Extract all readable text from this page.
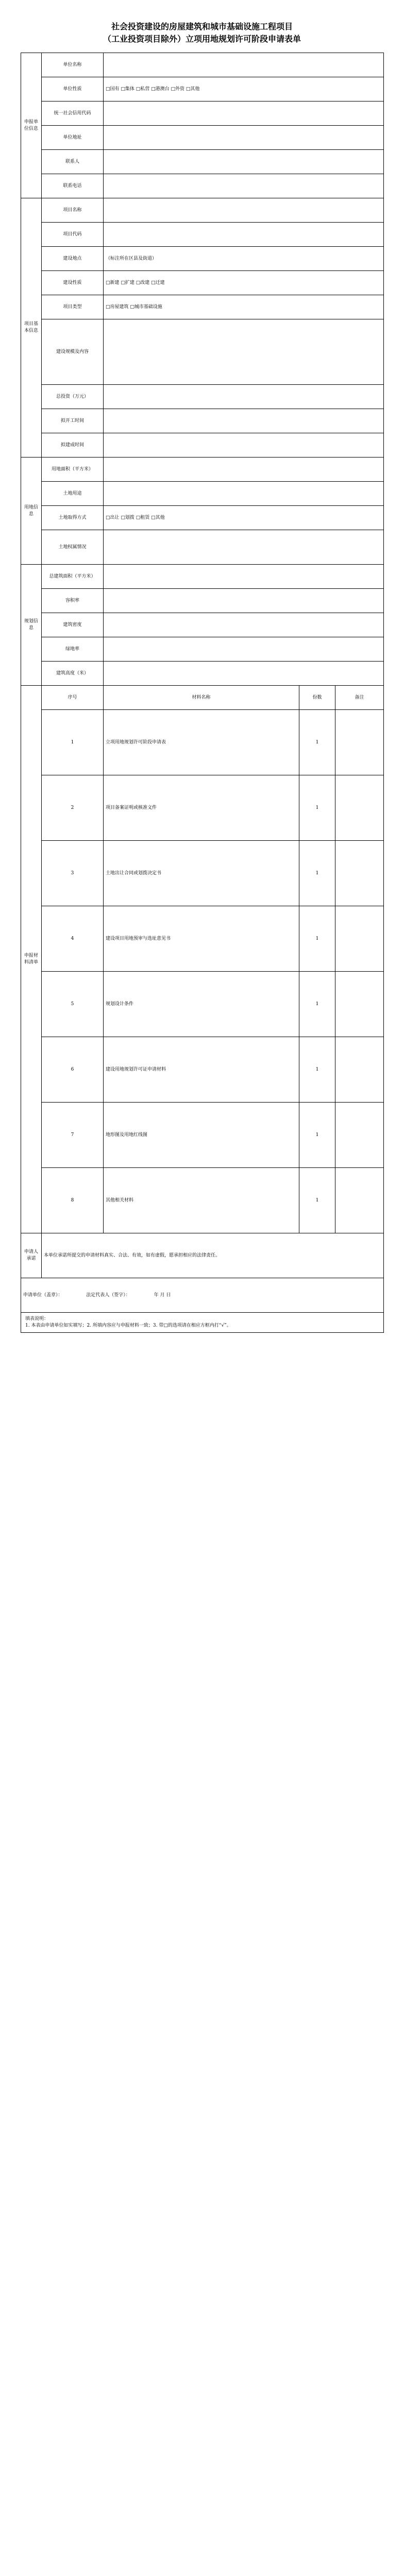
社会投资建设的房屋建筑和城市基础设施工程项目
（工业投资项目除外）立项用地规划许可阶段申请表单
申报单位信息	单位名称			
	单位性质	□国有 □集体 □私营 □港澳台 □外资 □其他		
	统一社会信用代码			
	单位地址			
	联系人			
	联系电话			
项目基本信息	项目名称			
	项目代码			
	建设地点	（标注所在区县及街道）		
	建设性质	□新建 □扩建 □改建 □迁建		
	项目类型	□房屋建筑 □城市基础设施		
	建设规模及内容			
	总投资（万元）			
	拟开工时间			
	拟建成时间			
用地信息	用地面积（平方米）			
	土地用途			
	土地取得方式	□出让 □划拨 □租赁 □其他		
	土地权属情况			
规划信息	总建筑面积（平方米）			
	容积率			
	建筑密度			
	绿地率			
	建筑高度（米）			
申报材料清单	序号	材料名称	份数	备注
	1	立项用地规划许可阶段申请表	1	
	2	项目备案证明或核准文件	1	
	3	土地出让合同或划拨决定书	1	
	4	建设项目用地预审与选址意见书	1	
	5	规划设计条件	1	
	6	建设用地规划许可证申请材料	1	
	7	地形图及用地红线图	1	
	8	其他相关材料	1	
申请人承诺	本单位承诺所提交的申请材料真实、合法、有效，如有虚假，愿承担相应的法律责任。			
申请单位（盖章）： 法定代表人（签字）： 年 月 日				

填表说明：
1. 本表由申请单位如实填写；2. 所填内容应与申报材料一致；3. 带□的选项请在相应方框内打“√”。				
